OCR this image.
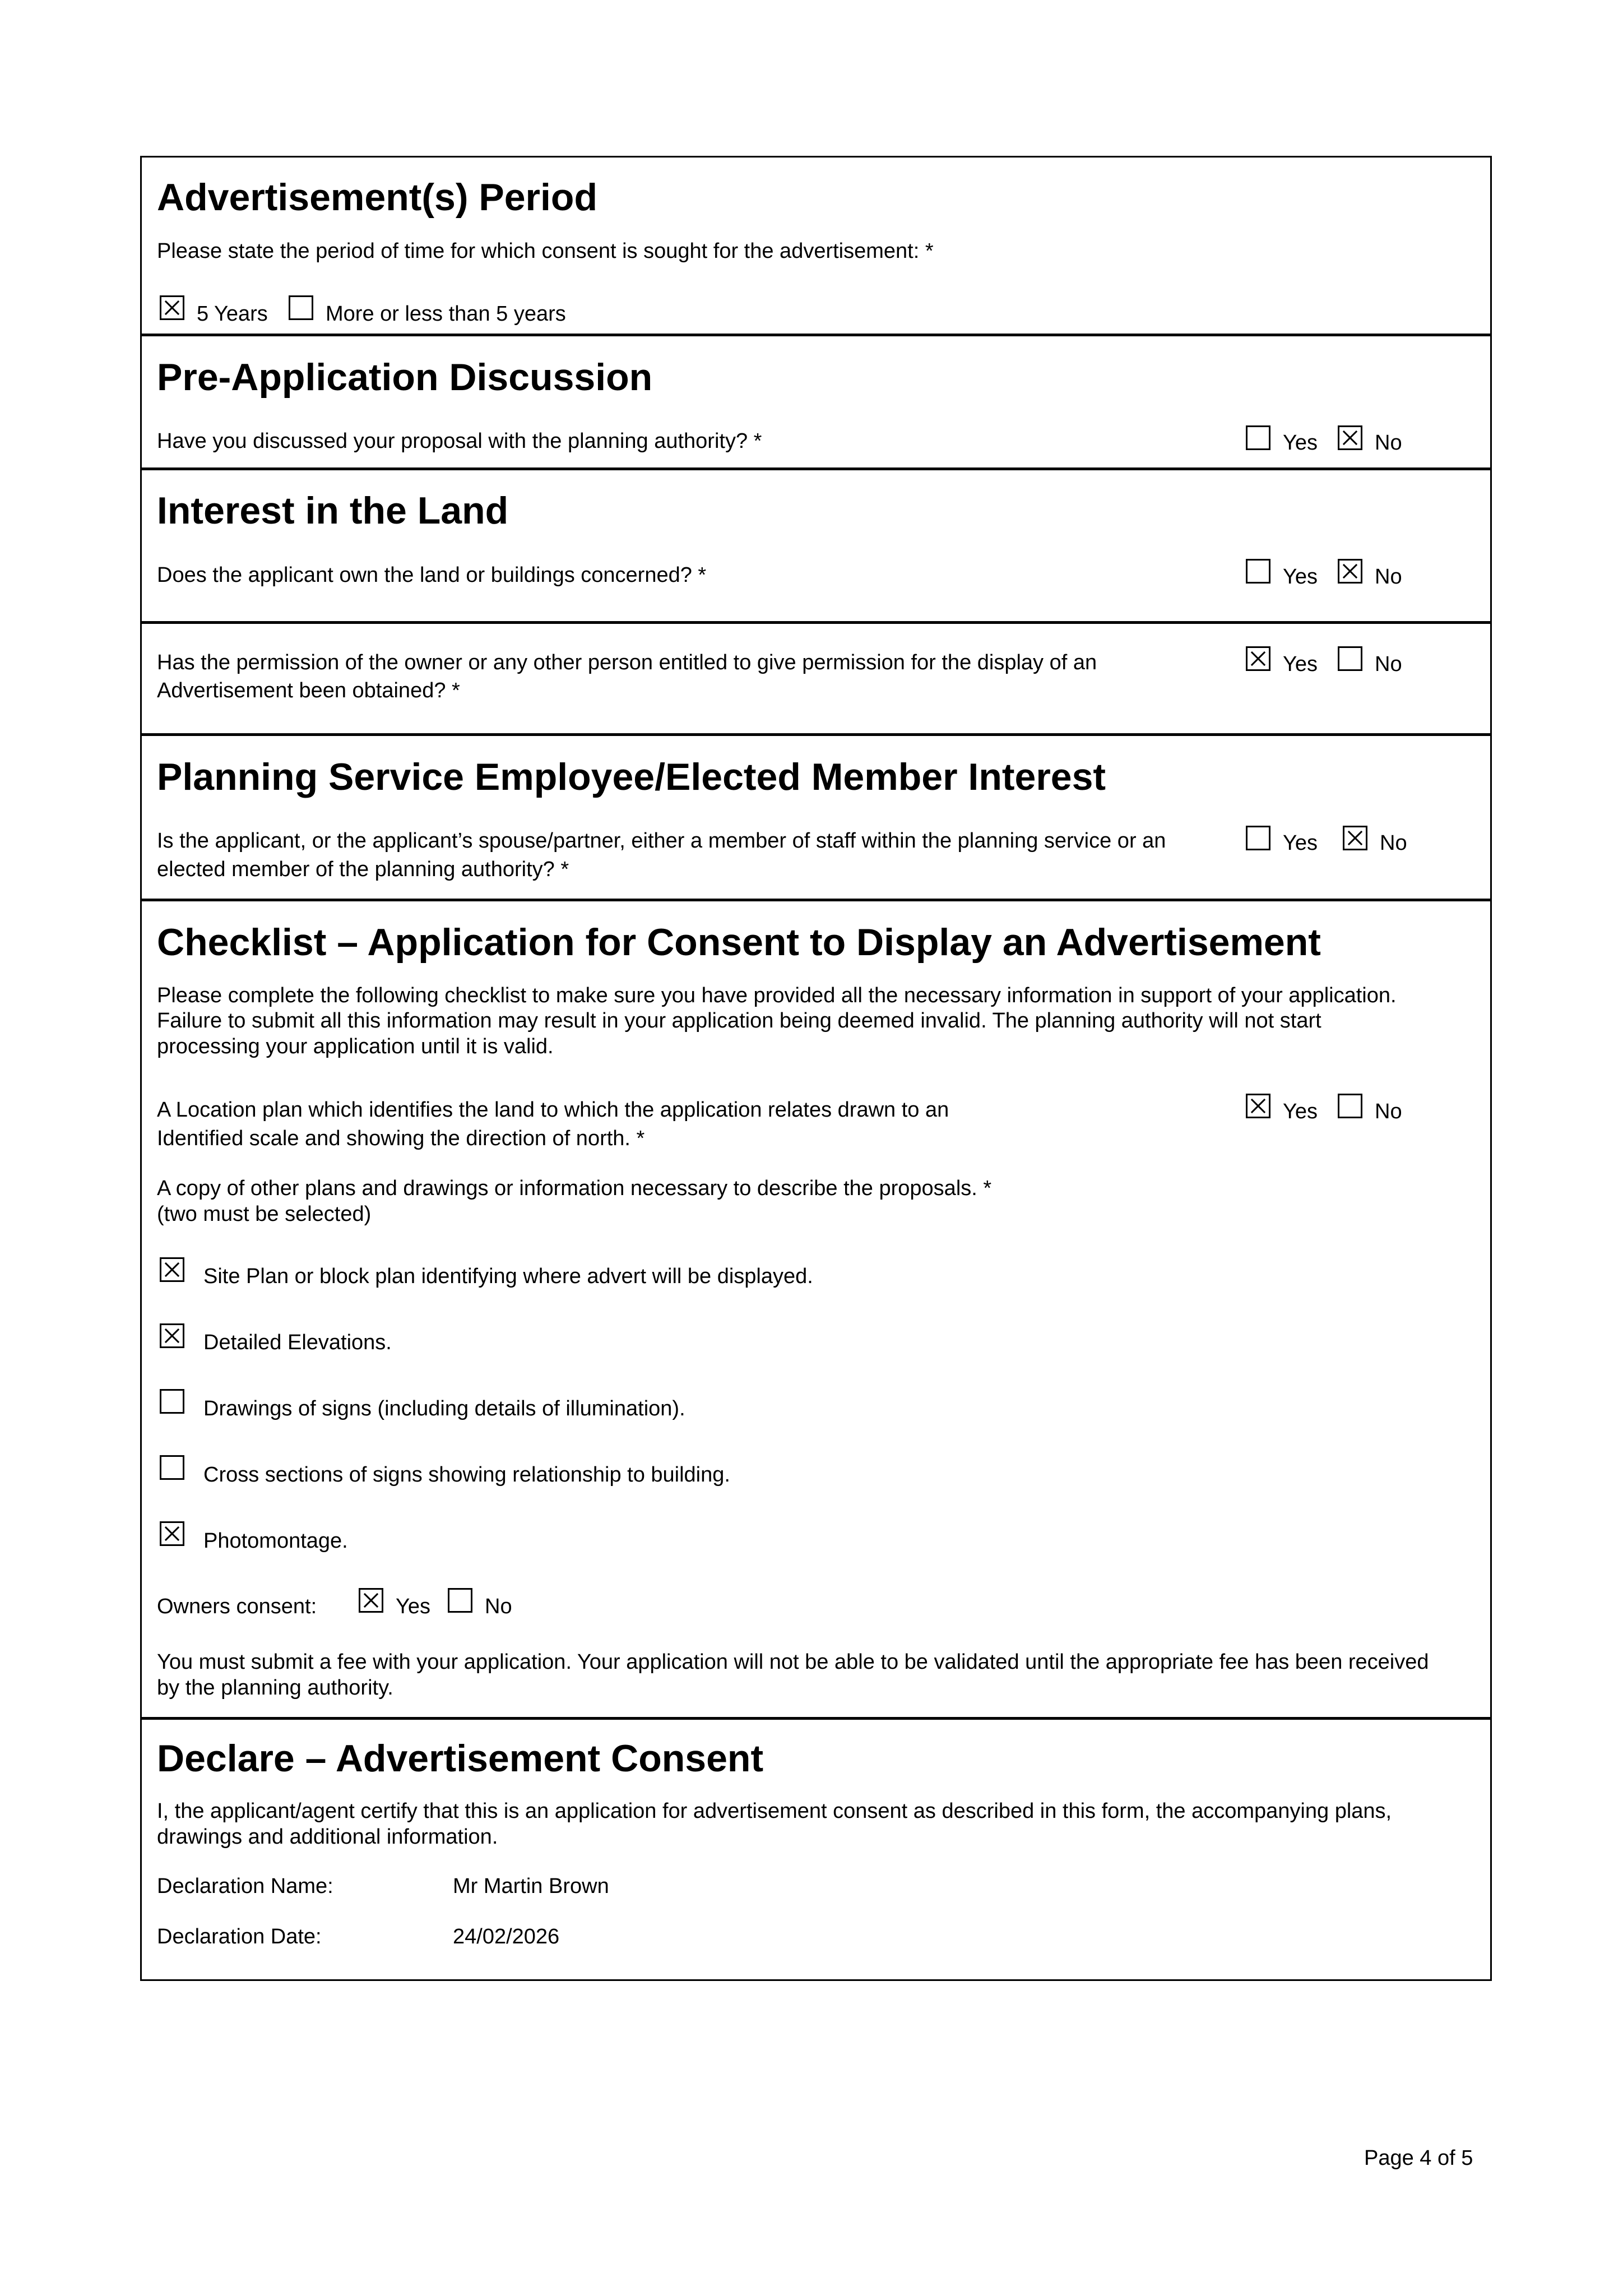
Advertisement(s) Period
Please state the period of time for which consent is sought for the advertisement: *
5 Years	More or less than 5 years
Pre-Application Discussion
Have you discussed your proposal with the planning authority? *	Yes	No
Interest in the Land
Does the applicant own the land or buildings concerned? *	Yes	No
Has the permission of the owner or any other person entitled to give permission for the display of an
Advertisement been obtained? *
Yes	No
Planning Service Employee/Elected Member Interest
Is the applicant, or the applicant’s spouse/partner, either a member of staff within the planning service or an
elected member of the planning authority? *
Yes	No
Checklist – Application for Consent to Display an Advertisement
Please complete the following checklist to make sure you have provided all the necessary information in support of your application.
Failure to submit all this information may result in your application being deemed invalid. The planning authority will not start
processing your application until it is valid.
A Location plan which identifies the land to which the application relates drawn to an
Identified scale and showing the direction of north. *
Yes	No
A copy of other plans and drawings or information necessary to describe the proposals. *
(two must be selected)
Site Plan or block plan identifying where advert will be displayed.
Detailed Elevations.
Drawings of signs (including details of illumination).
Cross sections of signs showing relationship to building.
Photomontage.
Owners consent:	Yes	No
You must submit a fee with your application. Your application will not be able to be validated until the appropriate fee has been received
by the planning authority.
Declare – Advertisement Consent
I, the applicant/agent certify that this is an application for advertisement consent as described in this form, the accompanying plans,
drawings and additional information.
Declaration Name:	Mr Martin Brown
Declaration Date:	24/02/2026
Page 4 of 5
